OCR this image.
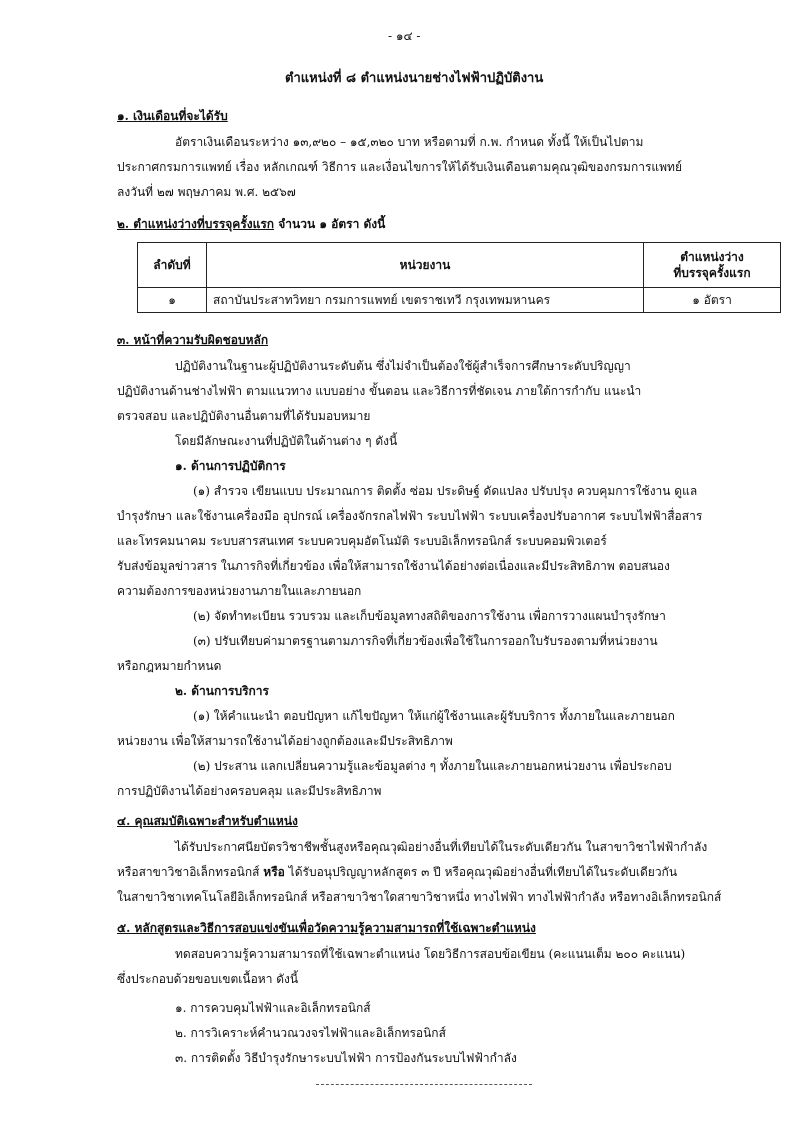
- ๑๔ -
ตำแหน่งที่ ๘ ตำแหน่งนายช่างไฟฟ้าปฏิบัติงาน
๑. เงินเดือนที่จะได้รับ
อัตราเงินเดือนระหว่าง ๑๓,๙๒๐ – ๑๕,๓๒๐ บาท หรือตามที่ ก.พ. กำหนด ทั้งนี้ ให้เป็นไปตาม
ประกาศกรมการแพทย์ เรื่อง หลักเกณฑ์ วิธีการ และเงื่อนไขการให้ได้รับเงินเดือนตามคุณวุฒิของกรมการแพทย์
ลงวันที่ ๒๗ พฤษภาคม พ.ศ. ๒๕๖๗
๒. ตำแหน่งว่างที่บรรจุครั้งแรก จำนวน ๑ อัตรา ดังนี้
ลำดับที่	หน่วยงาน	ตำแหน่งว่าง
ที่บรรจุครั้งแรก

๑	สถาบันประสาทวิทยา กรมการแพทย์ เขตราชเทวี กรุงเทพมหานคร	๑ อัตรา
๓. หน้าที่ความรับผิดชอบหลัก
ปฏิบัติงานในฐานะผู้ปฏิบัติงานระดับต้น ซึ่งไม่จำเป็นต้องใช้ผู้สำเร็จการศึกษาระดับปริญญา
ปฏิบัติงานด้านช่างไฟฟ้า ตามแนวทาง แบบอย่าง ขั้นตอน และวิธีการที่ชัดเจน ภายใต้การกำกับ แนะนำ
ตรวจสอบ และปฏิบัติงานอื่นตามที่ได้รับมอบหมาย
โดยมีลักษณะงานที่ปฏิบัติในด้านต่าง ๆ ดังนี้
๑. ด้านการปฏิบัติการ
(๑) สำรวจ เขียนแบบ ประมาณการ ติดตั้ง ซ่อม ประดิษฐ์ ดัดแปลง ปรับปรุง ควบคุมการใช้งาน ดูแล
บำรุงรักษา และใช้งานเครื่องมือ อุปกรณ์ เครื่องจักรกลไฟฟ้า ระบบไฟฟ้า ระบบเครื่องปรับอากาศ ระบบไฟฟ้าสื่อสาร
และโทรคมนาคม ระบบสารสนเทศ ระบบควบคุมอัตโนมัติ ระบบอิเล็กทรอนิกส์ ระบบคอมพิวเตอร์
รับส่งข้อมูลข่าวสาร ในภารกิจที่เกี่ยวข้อง เพื่อให้สามารถใช้งานได้อย่างต่อเนื่องและมีประสิทธิภาพ ตอบสนอง
ความต้องการของหน่วยงานภายในและภายนอก
(๒) จัดทำทะเบียน รวบรวม และเก็บข้อมูลทางสถิติของการใช้งาน เพื่อการวางแผนบำรุงรักษา
(๓) ปรับเทียบค่ามาตรฐานตามภารกิจที่เกี่ยวข้องเพื่อใช้ในการออกใบรับรองตามที่หน่วยงาน
หรือกฎหมายกำหนด
๒. ด้านการบริการ
(๑) ให้คำแนะนำ ตอบปัญหา แก้ไขปัญหา ให้แก่ผู้ใช้งานและผู้รับบริการ ทั้งภายในและภายนอก
หน่วยงาน เพื่อให้สามารถใช้งานได้อย่างถูกต้องและมีประสิทธิภาพ
(๒) ประสาน แลกเปลี่ยนความรู้และข้อมูลต่าง ๆ ทั้งภายในและภายนอกหน่วยงาน เพื่อประกอบ
การปฏิบัติงานได้อย่างครอบคลุม และมีประสิทธิภาพ
๔. คุณสมบัติเฉพาะสำหรับตำแหน่ง
ได้รับประกาศนียบัตรวิชาชีพชั้นสูงหรือคุณวุฒิอย่างอื่นที่เทียบได้ในระดับเดียวกัน ในสาขาวิชาไฟฟ้ากำลัง
หรือสาขาวิชาอิเล็กทรอนิกส์ หรือ ได้รับอนุปริญญาหลักสูตร ๓ ปี หรือคุณวุฒิอย่างอื่นที่เทียบได้ในระดับเดียวกัน
ในสาขาวิชาเทคโนโลยีอิเล็กทรอนิกส์ หรือสาขาวิชาใดสาขาวิชาหนึ่ง ทางไฟฟ้า ทางไฟฟ้ากำลัง หรือทางอิเล็กทรอนิกส์
๕. หลักสูตรและวิธีการสอบแข่งขันเพื่อวัดความรู้ความสามารถที่ใช้เฉพาะตำแหน่ง
ทดสอบความรู้ความสามารถที่ใช้เฉพาะตำแหน่ง โดยวิธีการสอบข้อเขียน (คะแนนเต็ม ๒๐๐ คะแนน)
ซึ่งประกอบด้วยขอบเขตเนื้อหา ดังนี้
๑. การควบคุมไฟฟ้าและอิเล็กทรอนิกส์
๒. การวิเคราะห์คำนวณวงจรไฟฟ้าและอิเล็กทรอนิกส์
๓. การติดตั้ง วิธีบำรุงรักษาระบบไฟฟ้า การป้องกันระบบไฟฟ้ากำลัง
